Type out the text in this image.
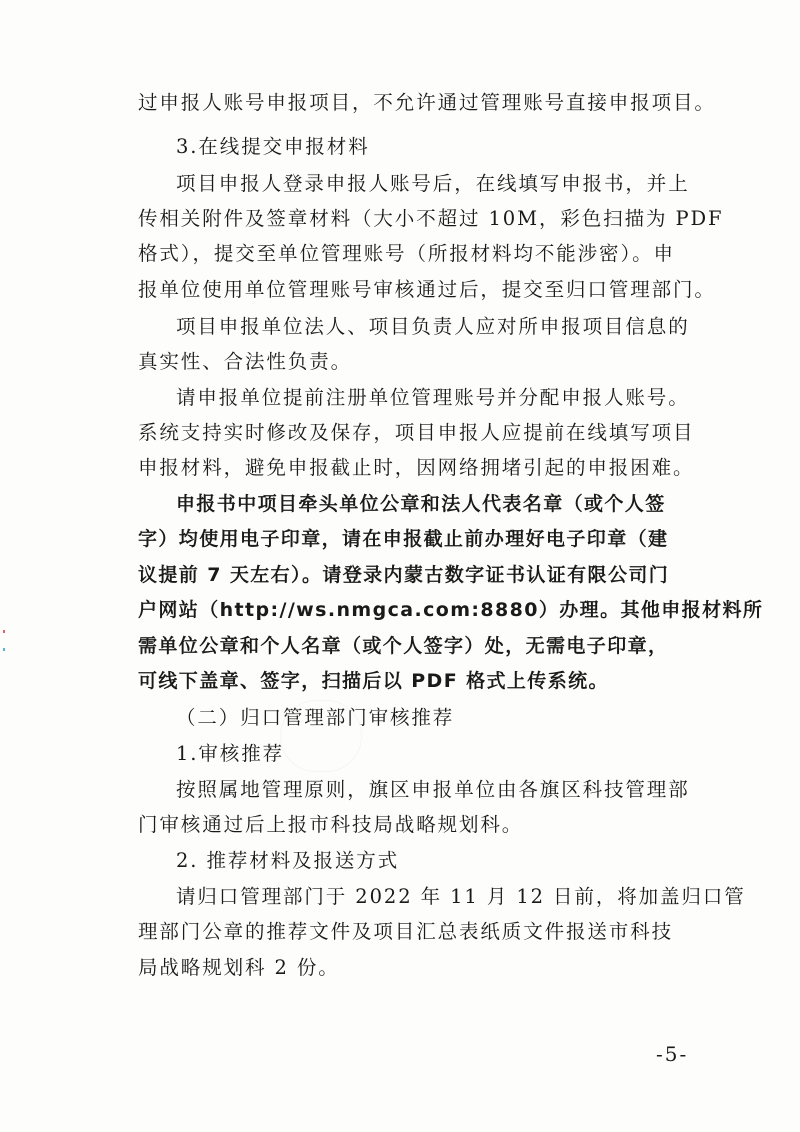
过申报人账号申报项目，不允许通过管理账号直接申报项目。
3.在线提交申报材料
项目申报人登录申报人账号后，在线填写申报书，并上
传相关附件及签章材料（大小不超过 10M，彩色扫描为 PDF
格式），提交至单位管理账号（所报材料均不能涉密）。申
报单位使用单位管理账号审核通过后，提交至归口管理部门。
项目申报单位法人、项目负责人应对所申报项目信息的
真实性、合法性负责。
请申报单位提前注册单位管理账号并分配申报人账号。
系统支持实时修改及保存，项目申报人应提前在线填写项目
申报材料，避免申报截止时，因网络拥堵引起的申报困难。
申报书中项目牵头单位公章和法人代表名章（或个人签
字）均使用电子印章，请在申报截止前办理好电子印章（建
议提前 7 天左右）。请登录内蒙古数字证书认证有限公司门
户网站（http://ws.nmgca.com:8880）办理。其他申报材料所
需单位公章和个人名章（或个人签字）处，无需电子印章，
可线下盖章、签字，扫描后以 PDF 格式上传系统。
（二）归口管理部门审核推荐
1.审核推荐
按照属地管理原则，旗区申报单位由各旗区科技管理部
门审核通过后上报市科技局战略规划科。
2. 推荐材料及报送方式
请归口管理部门于 2022 年 11 月 12 日前，将加盖归口管
理部门公章的推荐文件及项目汇总表纸质文件报送市科技
局战略规划科 2 份。
-5-
